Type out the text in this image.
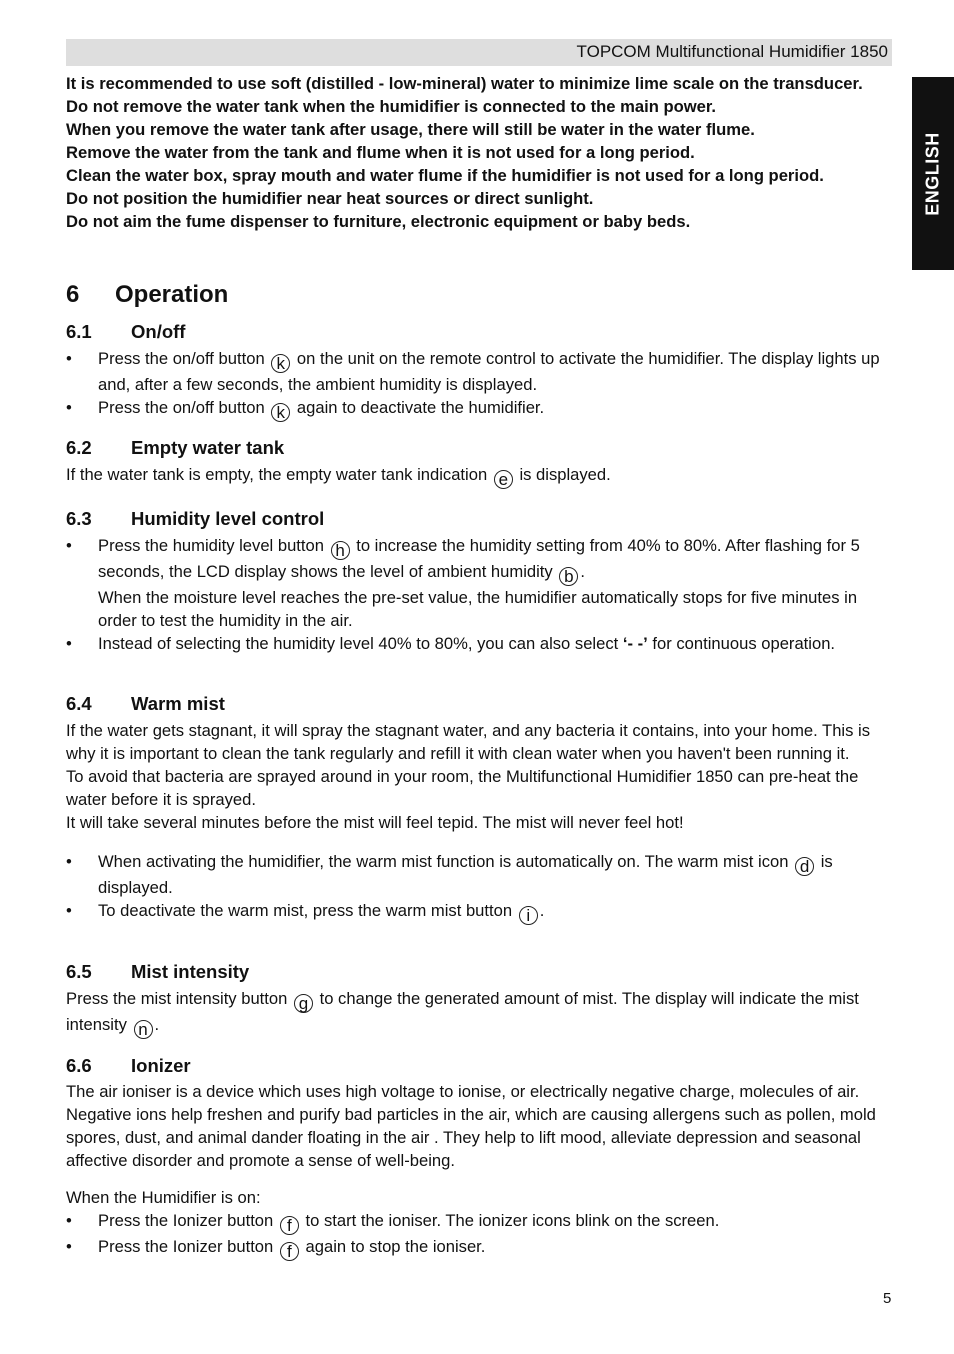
TOPCOM Multifunctional Humidifier 1850
ENGLISH

It is recommended to use soft (distilled - low-mineral) water to minimize lime scale on the transducer.

Do not remove the water tank when the humidifier is connected to the main power.

When you remove the water tank after usage, there will still be water in the water flume.

Remove the water from the tank and flume when it is not used for a long period.

Clean the water box, spray mouth and water flume if the humidifier is not used for a long period.

Do not position the humidifier near heat sources or direct sunlight.

Do not aim the fume dispenser to furniture, electronic equipment or baby beds.

6 Operation
6.1 On/off
• Press the on/off button k on the unit on the remote control to activate the humidifier. The display lights up and, after a few seconds, the ambient humidity is displayed.
• Press the on/off button k again to deactivate the humidifier.
6.2 Empty water tank

If the water tank is empty, the empty water tank indication e is displayed.

6.3 Humidity level control
• Press the humidity level button h to increase the humidity setting from 40% to 80%. After flashing for 5 seconds, the LCD display shows the level of ambient humidity b .
When the moisture level reaches the pre-set value, the humidifier automatically stops for five minutes in order to test the humidity in the air.
• Instead of selecting the humidity level 40% to 80%, you can also select ‘- -’ for continuous operation.
6.4 Warm mist

If the water gets stagnant, it will spray the stagnant water, and any bacteria it contains, into your home. This is why it is important to clean the tank regularly and refill it with clean water when you haven't been running it.

To avoid that bacteria are sprayed around in your room, the Multifunctional Humidifier 1850 can pre-heat the water before it is sprayed.

It will take several minutes before the mist will feel tepid. The mist will never feel hot!

• When activating the humidifier, the warm mist function is automatically on. The warm mist icon d is displayed.
• To deactivate the warm mist, press the warm mist button i .
6.5 Mist intensity

Press the mist intensity button g to change the generated amount of mist. The display will indicate the mist intensity n .

6.6 Ionizer

The air ioniser is a device which uses high voltage to ionise, or electrically negative charge, molecules of air. Negative ions help freshen and purify bad particles in the air, which are causing allergens such as pollen, mold spores, dust, and animal dander floating in the air . They help to lift mood, alleviate depression and seasonal affective disorder and promote a sense of well-being.

When the Humidifier is on:

• Press the Ionizer button f to start the ioniser. The ionizer icons blink on the screen.
• Press the Ionizer button f again to stop the ioniser.
5
